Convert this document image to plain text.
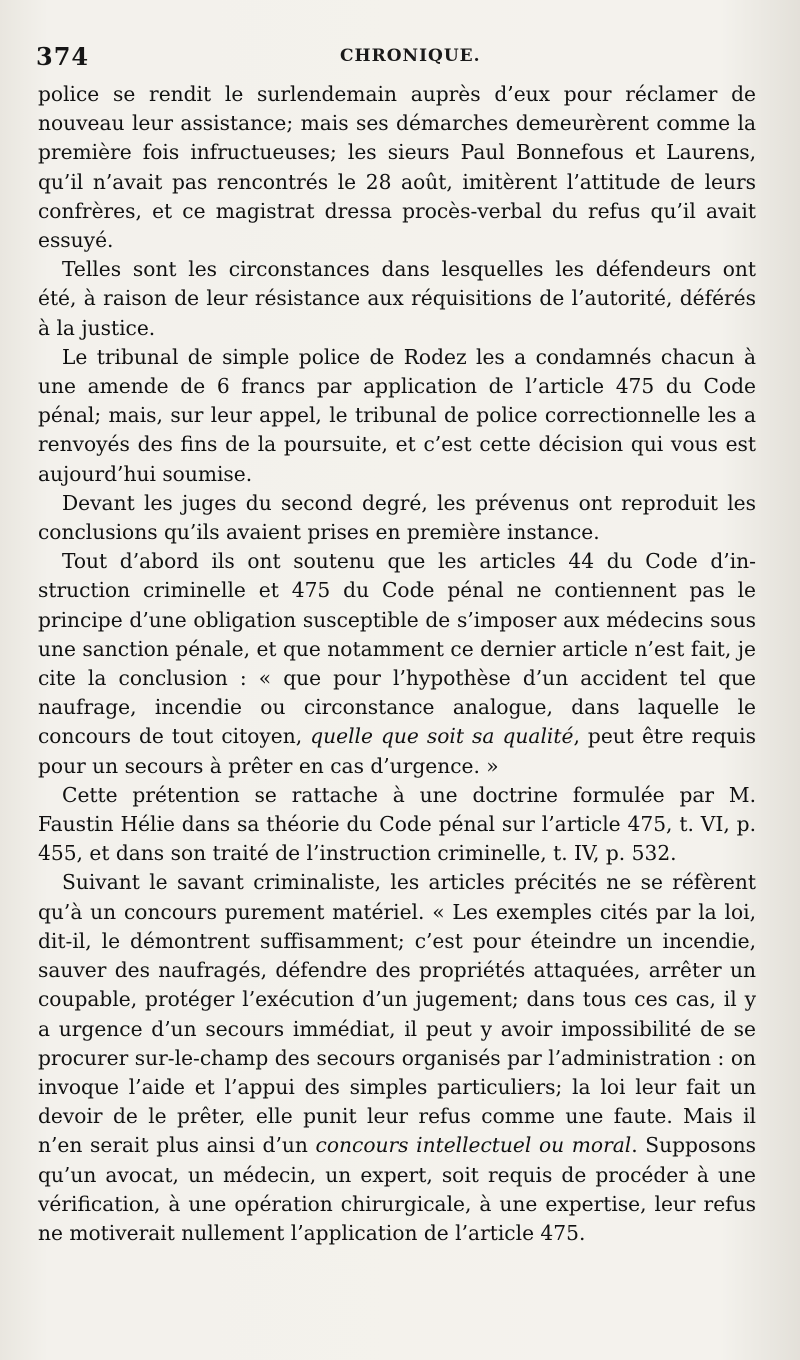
374	CHRONIQUE.

police se rendit le surlendemain auprès d’eux pour réclamer de nouveau leur assistance; mais ses démarches demeurèrent comme la première fois infructueuses; les sieurs Paul Bonnefous et Laurens, qu’il n’avait pas rencontrés le 28 août, imitèrent l’attitude de leurs confrères, et ce magistrat dressa procès-verbal du refus qu’il avait essuyé.

Telles sont les circonstances dans lesquelles les défendeurs ont été, à raison de leur résistance aux réquisitions de l’autorité, déférés à la justice.

Le tribunal de simple police de Rodez les a condamnés chacun à une amende de 6 francs par application de l’article 475 du Code pénal; mais, sur leur appel, le tribunal de police correctionnelle les a renvoyés des fins de la poursuite, et c’est cette décision qui vous est aujourd’hui soumise.

Devant les juges du second degré, les prévenus ont reproduit les conclusions qu’ils avaient prises en première instance.

Tout d’abord ils ont soutenu que les articles 44 du Code d’instruction criminelle et 475 du Code pénal ne contiennent pas le principe d’une obligation susceptible de s’imposer aux médecins sous une sanction pénale, et que notamment ce dernier article n’est fait, je cite la conclusion : « que pour l’hypothèse d’un accident tel que naufrage, incendie ou circonstance analogue, dans laquelle le concours de tout citoyen, quelle que soit sa qualité, peut être requis pour un secours à prêter en cas d’urgence. »

Cette prétention se rattache à une doctrine formulée par M. Faustin Hélie dans sa théorie du Code pénal sur l’article 475, t. VI, p. 455, et dans son traité de l’instruction criminelle, t. IV, p. 532.

Suivant le savant criminaliste, les articles précités ne se réfèrent qu’à un concours purement matériel. « Les exemples cités par la loi, dit-il, le démontrent suffisamment; c’est pour éteindre un incendie, sauver des naufragés, défendre des propriétés attaquées, arrêter un coupable, protéger l’exécution d’un jugement; dans tous ces cas, il y a urgence d’un secours immédiat, il peut y avoir impossibilité de se procurer sur-le-champ des secours organisés par l’administration : on invoque l’aide et l’appui des simples particuliers; la loi leur fait un devoir de le prêter, elle punit leur refus comme une faute. Mais il n’en serait plus ainsi d’un concours intellectuel ou moral. Supposons qu’un avocat, un médecin, un expert, soit requis de procéder à une vérification, à une opération chirurgicale, à une expertise, leur refus ne motiverait nullement l’application de l’article 475.
